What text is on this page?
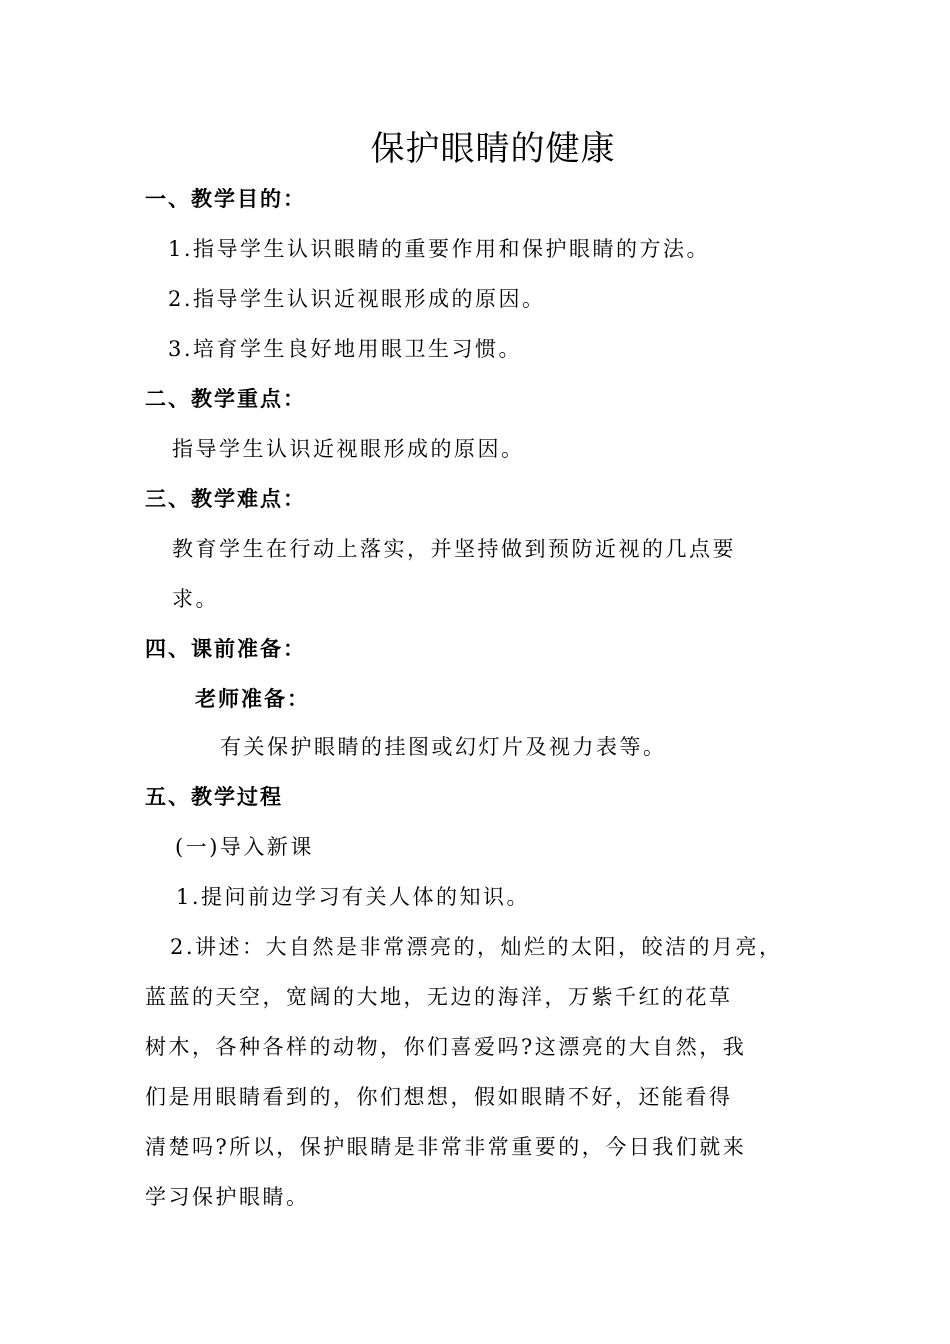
保护眼睛的健康
一、教学目的：
1.指导学生认识眼睛的重要作用和保护眼睛的方法。
2.指导学生认识近视眼形成的原因。
3.培育学生良好地用眼卫生习惯。
二、教学重点：
指导学生认识近视眼形成的原因。
三、教学难点：
教育学生在行动上落实，并坚持做到预防近视的几点要
求。
四、课前准备：
老师准备：
有关保护眼睛的挂图或幻灯片及视力表等。
五、教学过程
(一)导入新课
1.提问前边学习有关人体的知识。
2.讲述：大自然是非常漂亮的，灿烂的太阳，皎洁的月亮，
蓝蓝的天空，宽阔的大地，无边的海洋，万紫千红的花草
树木，各种各样的动物，你们喜爱吗?这漂亮的大自然，我
们是用眼睛看到的，你们想想，假如眼睛不好，还能看得
清楚吗?所以，保护眼睛是非常非常重要的，今日我们就来
学习保护眼睛。
